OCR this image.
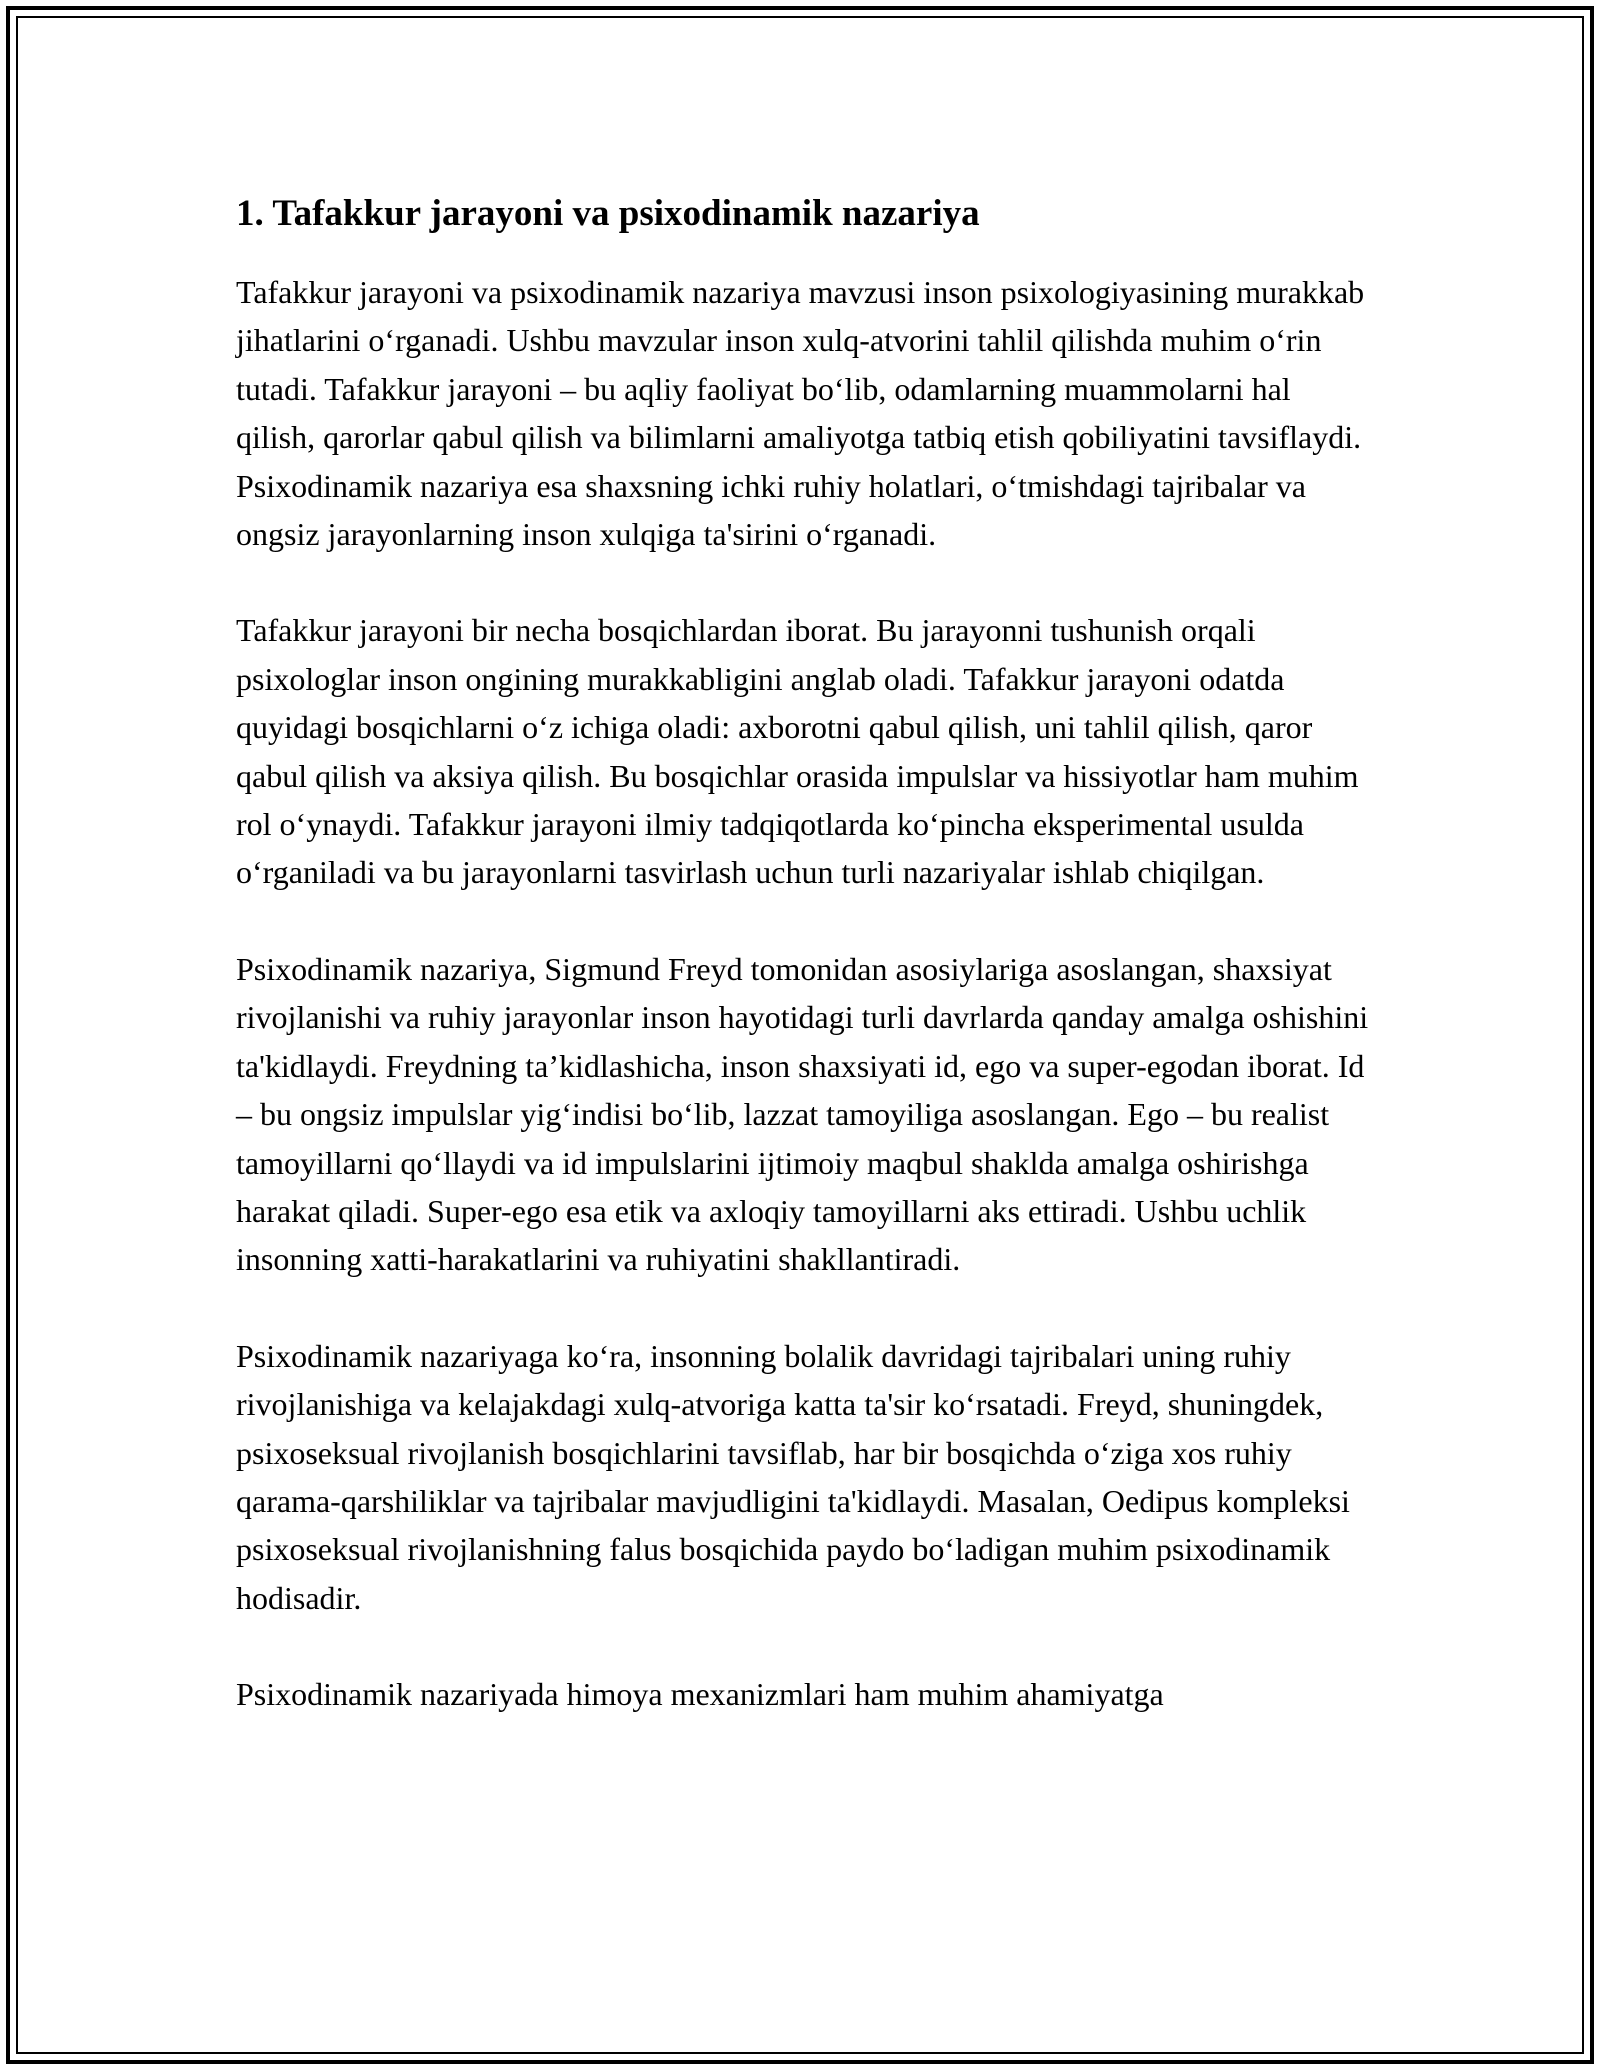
1. Tafakkur jarayoni va psixodinamik nazariya

Tafakkur jarayoni va psixodinamik nazariya mavzusi inson psixologiyasining murakkab jihatlarini o‘rganadi. Ushbu mavzular inson xulq-atvorini tahlil qilishda muhim o‘rin tutadi. Tafakkur jarayoni – bu aqliy faoliyat bo‘lib, odamlarning muammolarni hal qilish, qarorlar qabul qilish va bilimlarni amaliyotga tatbiq etish qobiliyatini tavsiflaydi. Psixodinamik nazariya esa shaxsning ichki ruhiy holatlari, o‘tmishdagi tajribalar va ongsiz jarayonlarning inson xulqiga ta'sirini o‘rganadi.

Tafakkur jarayoni bir necha bosqichlardan iborat. Bu jarayonni tushunish orqali psixologlar inson ongining murakkabligini anglab oladi. Tafakkur jarayoni odatda quyidagi bosqichlarni o‘z ichiga oladi: axborotni qabul qilish, uni tahlil qilish, qaror qabul qilish va aksiya qilish. Bu bosqichlar orasida impulslar va hissiyotlar ham muhim rol o‘ynaydi. Tafakkur jarayoni ilmiy tadqiqotlarda ko‘pincha eksperimental usulda o‘rganiladi va bu jarayonlarni tasvirlash uchun turli nazariyalar ishlab chiqilgan.

Psixodinamik nazariya, Sigmund Freyd tomonidan asosiylariga asoslangan, shaxsiyat rivojlanishi va ruhiy jarayonlar inson hayotidagi turli davrlarda qanday amalga oshishini ta'kidlaydi. Freydning ta’kidlashicha, inson shaxsiyati id, ego va super-egodan iborat. Id – bu ongsiz impulslar yig‘indisi bo‘lib, lazzat tamoyiliga asoslangan. Ego – bu realist tamoyillarni qo‘llaydi va id impulslarini ijtimoiy maqbul shaklda amalga oshirishga harakat qiladi. Super-ego esa etik va axloqiy tamoyillarni aks ettiradi. Ushbu uchlik insonning xatti-harakatlarini va ruhiyatini shakllantiradi.

Psixodinamik nazariyaga ko‘ra, insonning bolalik davridagi tajribalari uning ruhiy rivojlanishiga va kelajakdagi xulq-atvoriga katta ta'sir ko‘rsatadi. Freyd, shuningdek, psixoseksual rivojlanish bosqichlarini tavsiflab, har bir bosqichda o‘ziga xos ruhiy qarama-qarshiliklar va tajribalar mavjudligini ta'kidlaydi. Masalan, Oedipus kompleksi psixoseksual rivojlanishning falus bosqichida paydo bo‘ladigan muhim psixodinamik hodisadir.

Psixodinamik nazariyada himoya mexanizmlari ham muhim ahamiyatga
